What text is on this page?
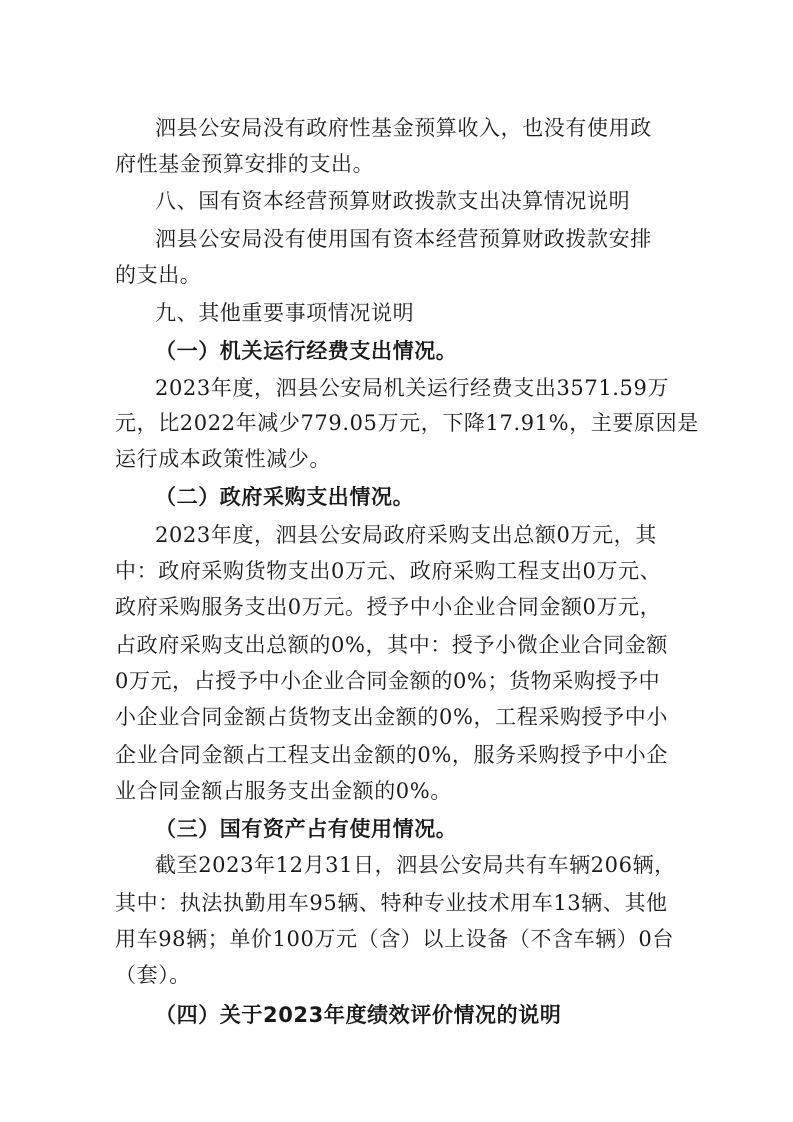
泗县公安局没有政府性基金预算收入，也没有使用政
府性基金预算安排的支出。
八、国有资本经营预算财政拨款支出决算情况说明
泗县公安局没有使用国有资本经营预算财政拨款安排
的支出。
九、其他重要事项情况说明
（一）机关运行经费支出情况。
2023年度，泗县公安局机关运行经费支出3571.59万
元，比2022年减少779.05万元，下降17.91%，主要原因是
运行成本政策性减少。
（二）政府采购支出情况。
2023年度，泗县公安局政府采购支出总额0万元，其
中：政府采购货物支出0万元、政府采购工程支出0万元、
政府采购服务支出0万元。授予中小企业合同金额0万元，
占政府采购支出总额的0%，其中：授予小微企业合同金额
0万元，占授予中小企业合同金额的0%；货物采购授予中
小企业合同金额占货物支出金额的0%，工程采购授予中小
企业合同金额占工程支出金额的0%，服务采购授予中小企
业合同金额占服务支出金额的0%。
（三）国有资产占有使用情况。
截至2023年12月31日，泗县公安局共有车辆206辆，
其中：执法执勤用车95辆、特种专业技术用车13辆、其他
用车98辆；单价100万元（含）以上设备（不含车辆）0台
（套）。
（四）关于2023年度绩效评价情况的说明
